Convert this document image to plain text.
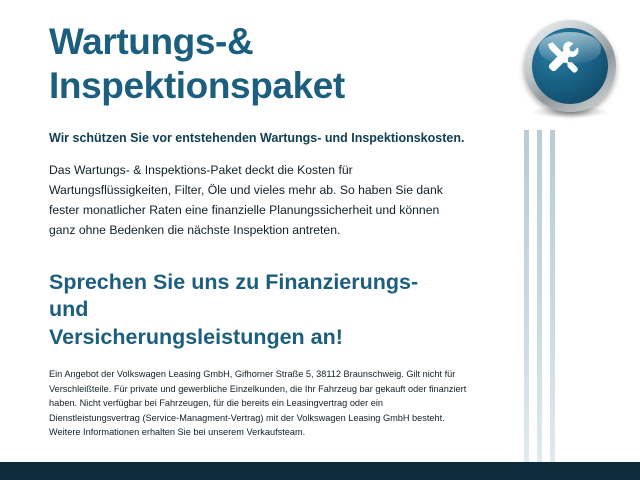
Wartungs-&
Inspektionspaket

Wir schützen Sie vor entstehenden Wartungs- und Inspektionskosten.

Das Wartungs- & Inspektions-Paket deckt die Kosten für Wartungsflüssigkeiten, Filter, Öle und vieles mehr ab. So haben Sie dank fester monatlicher Raten eine finanzielle Planungssicherheit und können ganz ohne Bedenken die nächste Inspektion antreten.

Sprechen Sie uns zu Finanzierungs- und
Versicherungsleistungen an!

Ein Angebot der Volkswagen Leasing GmbH, Gifhorner Straße 5, 38112 Braunschweig. Gilt nicht für Verschleißteile. Für private und gewerbliche Einzelkunden, die Ihr Fahrzeug bar gekauft oder finanziert haben. Nicht verfügbar bei Fahrzeugen, für die bereits ein Leasingvertrag oder ein Dienstleistungsvertrag (Service-Managment-Vertrag) mit der Volkswagen Leasing GmbH besteht. Weitere Informationen erhalten Sie bei unserem Verkaufsteam.
